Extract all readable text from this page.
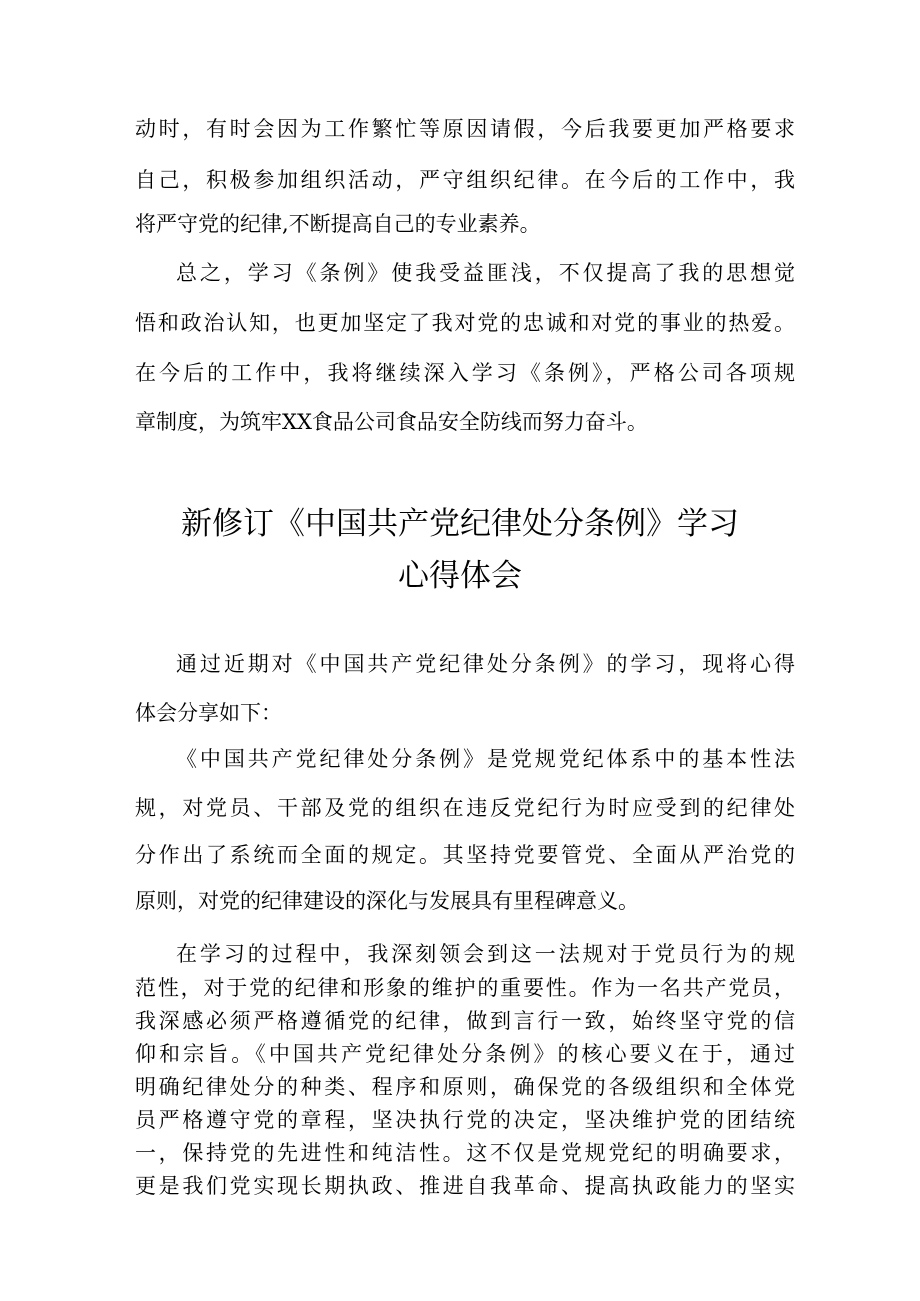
动时，有时会因为工作繁忙等原因请假，今后我要更加严格要求
自己，积极参加组织活动，严守组织纪律。在今后的工作中，我
将严守党的纪律,不断提高自己的专业素养。
总之，学习《条例》使我受益匪浅，不仅提高了我的思想觉
悟和政治认知，也更加坚定了我对党的忠诚和对党的事业的热爱。
在今后的工作中，我将继续深入学习《条例》，严格公司各项规
章制度，为筑牢XX食品公司食品安全防线而努力奋斗。
新修订《中国共产党纪律处分条例》学习
心得体会
通过近期对《中国共产党纪律处分条例》的学习，现将心得
体会分享如下：
《中国共产党纪律处分条例》是党规党纪体系中的基本性法
规，对党员、干部及党的组织在违反党纪行为时应受到的纪律处
分作出了系统而全面的规定。其坚持党要管党、全面从严治党的
原则，对党的纪律建设的深化与发展具有里程碑意义。
在学习的过程中，我深刻领会到这一法规对于党员行为的规
范性，对于党的纪律和形象的维护的重要性。作为一名共产党员，
我深感必须严格遵循党的纪律，做到言行一致，始终坚守党的信
仰和宗旨。《中国共产党纪律处分条例》的核心要义在于，通过
明确纪律处分的种类、程序和原则，确保党的各级组织和全体党
员严格遵守党的章程，坚决执行党的决定，坚决维护党的团结统
一，保持党的先进性和纯洁性。这不仅是党规党纪的明确要求，
更是我们党实现长期执政、推进自我革命、提高执政能力的坚实
